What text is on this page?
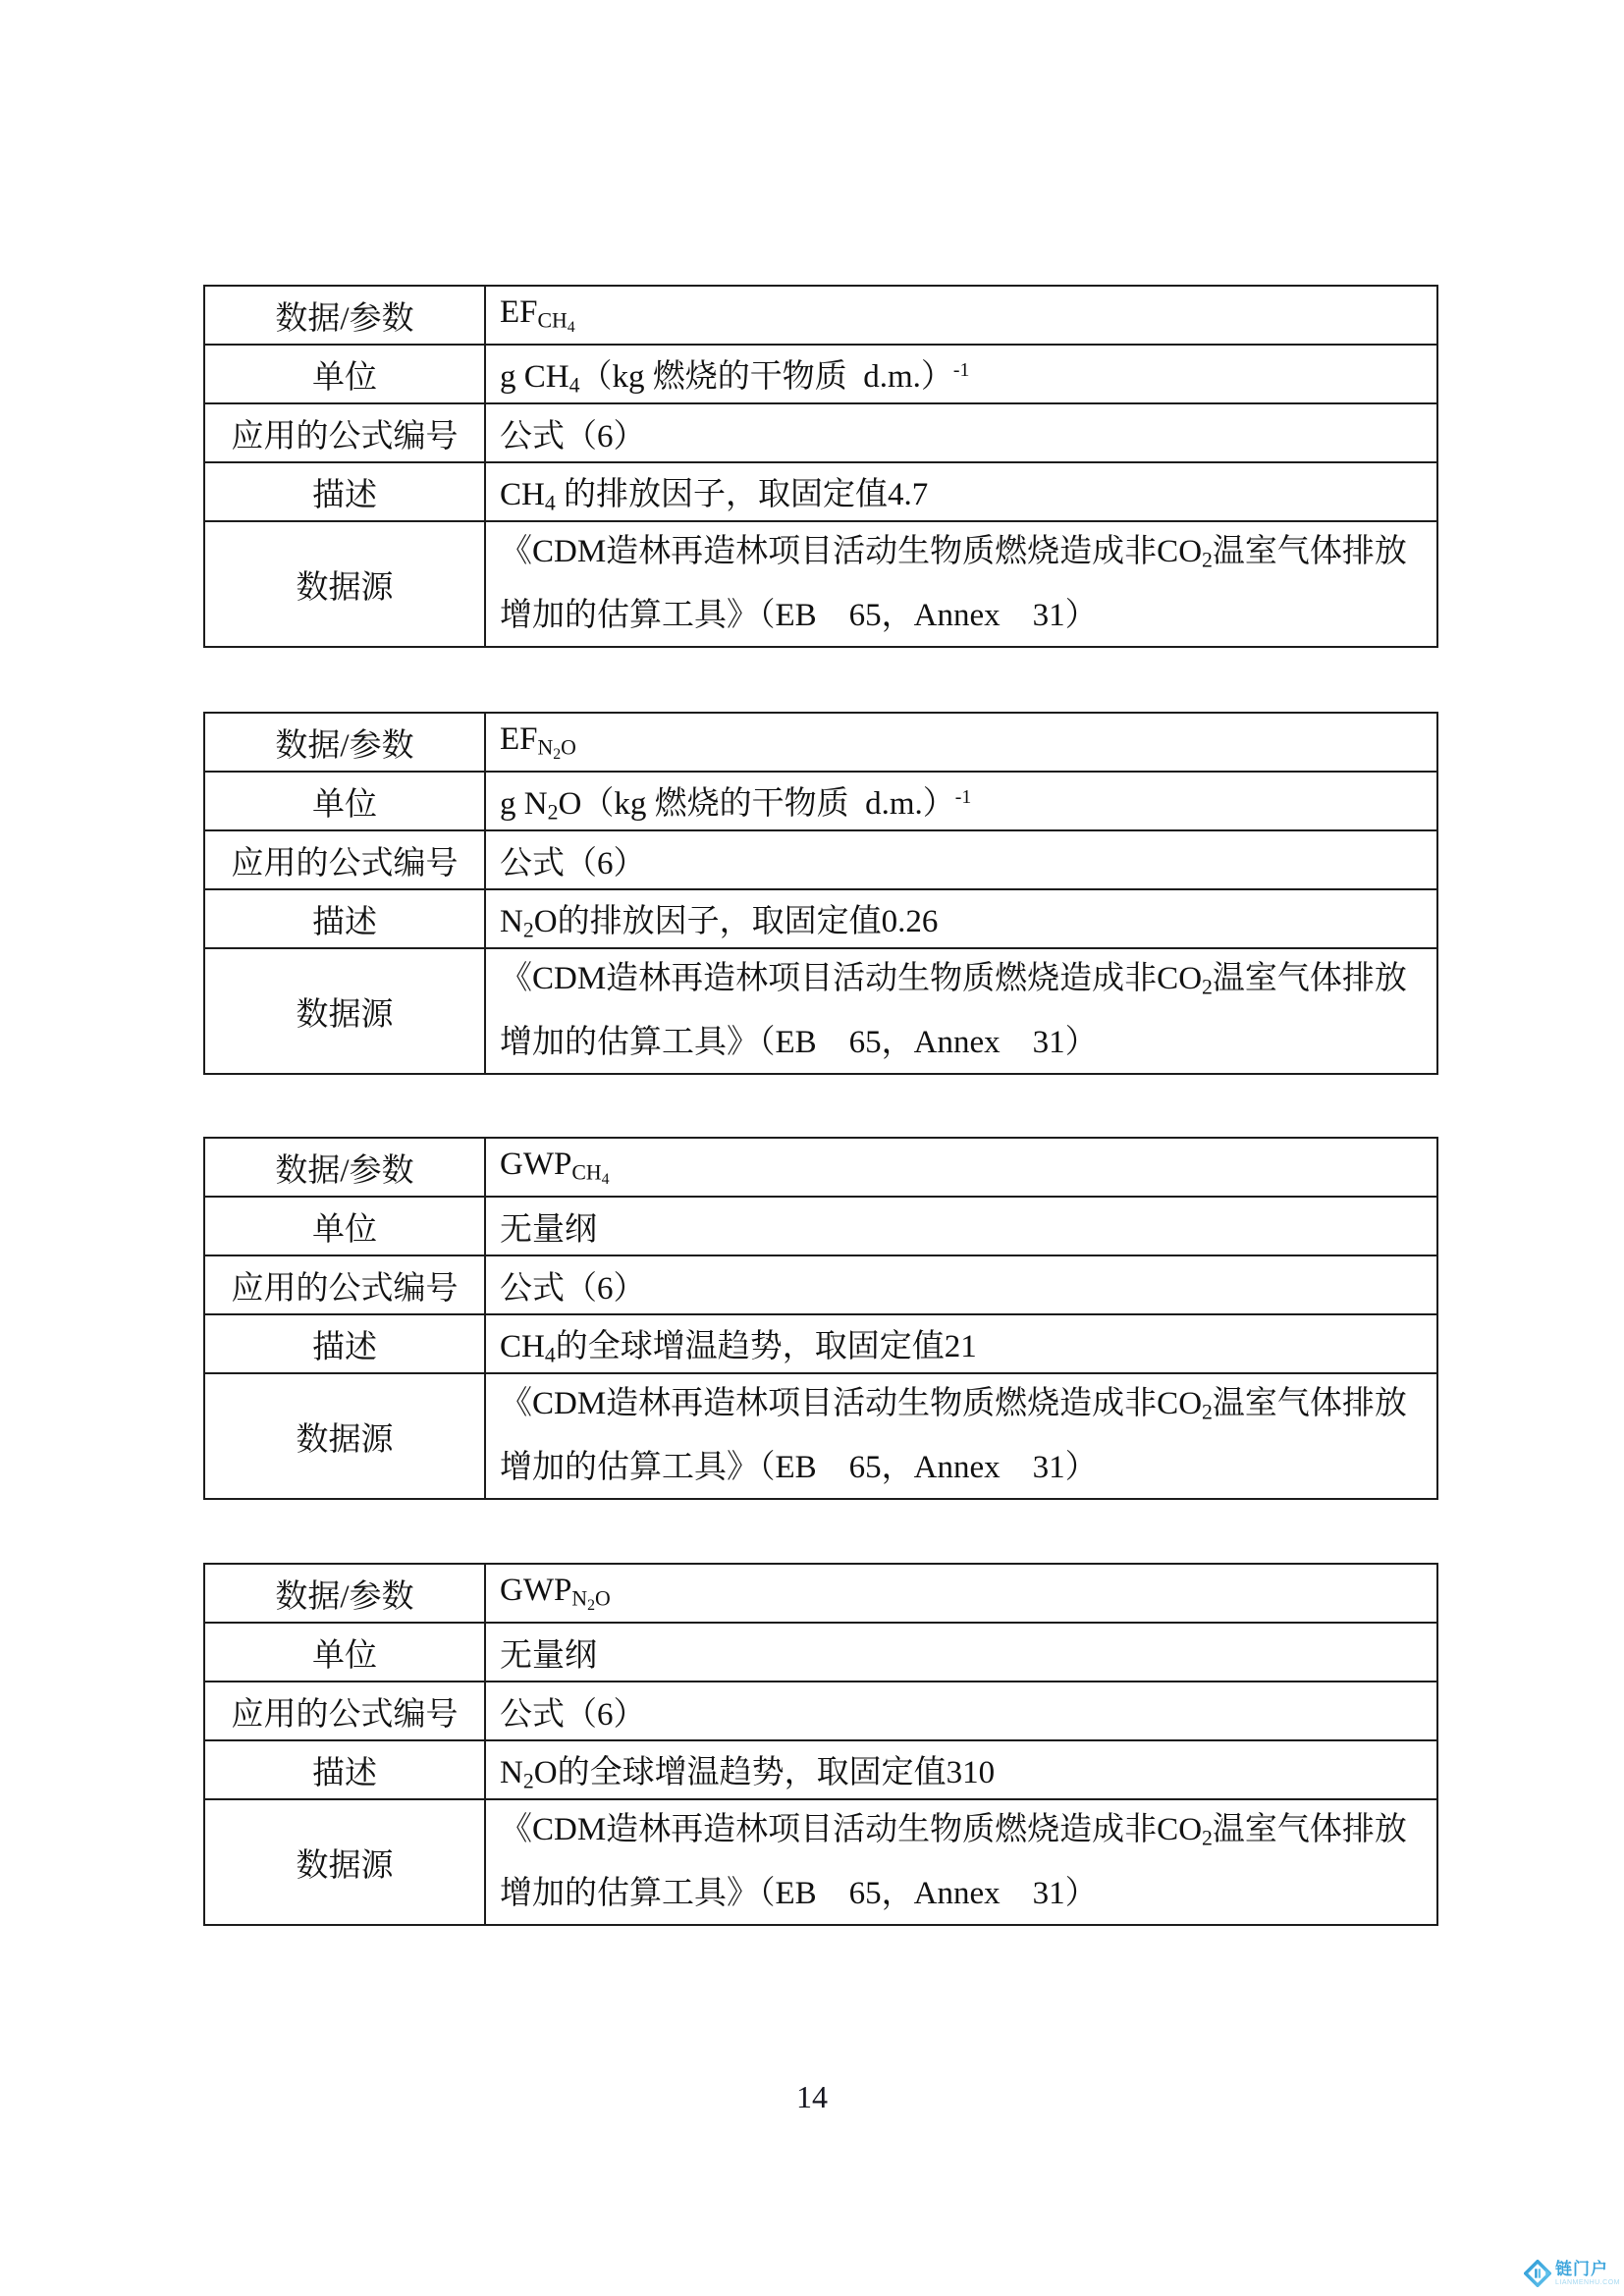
数据/参数	$EFCH_4$
单位	g CH4（kg 燃烧的干物质  d.m.）$^{-1}$
应用的公式编号	公式（6）
描述	CH4 的排放因子，取固定值4.7
数据源	《CDM造林再造林项目活动生物质燃烧造成非CO2温室气体排放增加的估算工具》（EB　65，Annex　31）
数据/参数	$EFN_2O$
单位	g N2O（kg 燃烧的干物质  d.m.）$^{-1}$
应用的公式编号	公式（6）
描述	N2O的排放因子，取固定值0.26
数据源	《CDM造林再造林项目活动生物质燃烧造成非CO2温室气体排放增加的估算工具》（EB　65，Annex　31）
数据/参数	$GWPCH_4$
单位	无量纲
应用的公式编号	公式（6）
描述	CH4的全球增温趋势，取固定值21
数据源	《CDM造林再造林项目活动生物质燃烧造成非CO2温室气体排放增加的估算工具》（EB　65，Annex　31）
数据/参数	$GWPN_2O$
单位	无量纲
应用的公式编号	公式（6）
描述	N2O的全球增温趋势，取固定值310
数据源	《CDM造林再造林项目活动生物质燃烧造成非CO2温室气体排放增加的估算工具》（EB　65，Annex　31）
14
链门户
LIANMENHU.COM
